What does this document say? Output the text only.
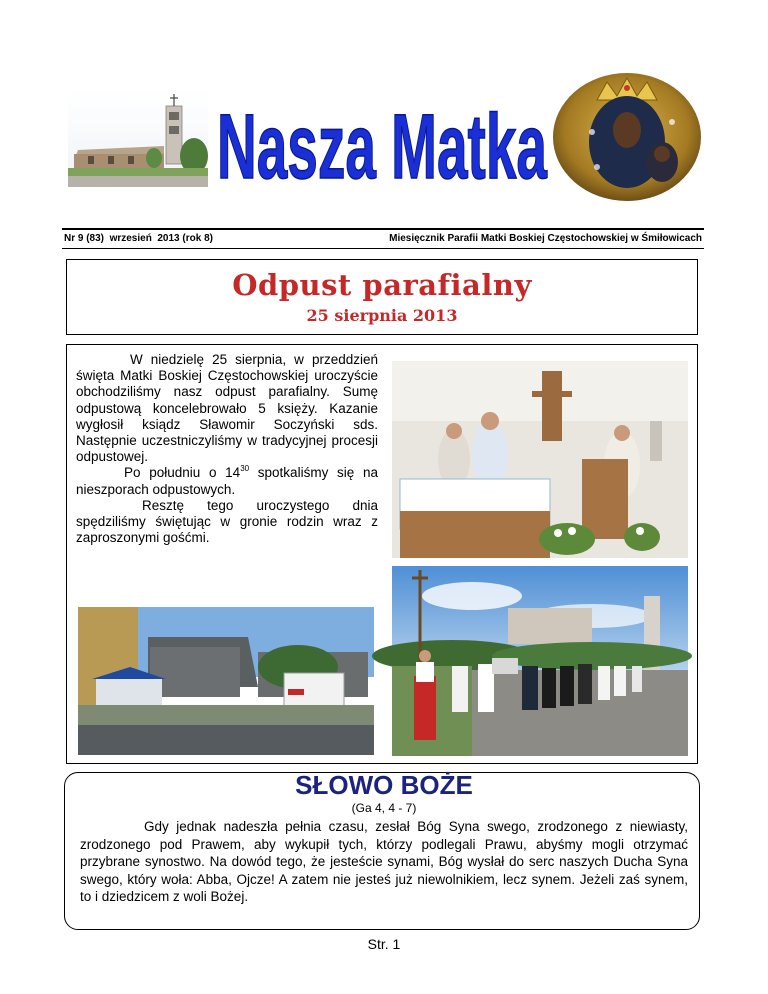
Nasza Matka
Nr 9 (83)  wrzesień  2013 (rok 8)	Miesięcznik Parafii Matki Boskiej Częstochowskiej w Śmiłowicach
Odpust parafialny
25 sierpnia 2013

W niedzielę 25 sierpnia, w przeddzień święta Matki Boskiej Częstochowskiej uroczyście obchodziliśmy nasz odpust parafialny. Sumę odpustową koncelebrowało 5 księży. Kazanie wygłosił ksiądz Sławomir Soczyński sds. Następnie uczestniczyliśmy w tradycyjnej procesji odpustowej.

Po południu o $14^{30}$ spotkaliśmy się na nieszporach odpustowych.

Resztę tego uroczystego dnia spędziliśmy świętując w gronie rodzin wraz z zaproszonymi gośćmi.

SŁOWO BOŻE
(Ga 4, 4 - 7)

Gdy jednak nadeszła pełnia czasu, zesłał Bóg Syna swego, zrodzonego z niewiasty, zrodzonego pod Prawem, aby wykupił tych, którzy podlegali Prawu, abyśmy mogli otrzymać przybrane synostwo. Na dowód tego, że jesteście synami, Bóg wysłał do serc naszych Ducha Syna swego, który woła: Abba, Ojcze! A zatem nie jesteś już niewolnikiem, lecz synem. Jeżeli zaś synem, to i dziedzicem z woli Bożej.

Str. 1
